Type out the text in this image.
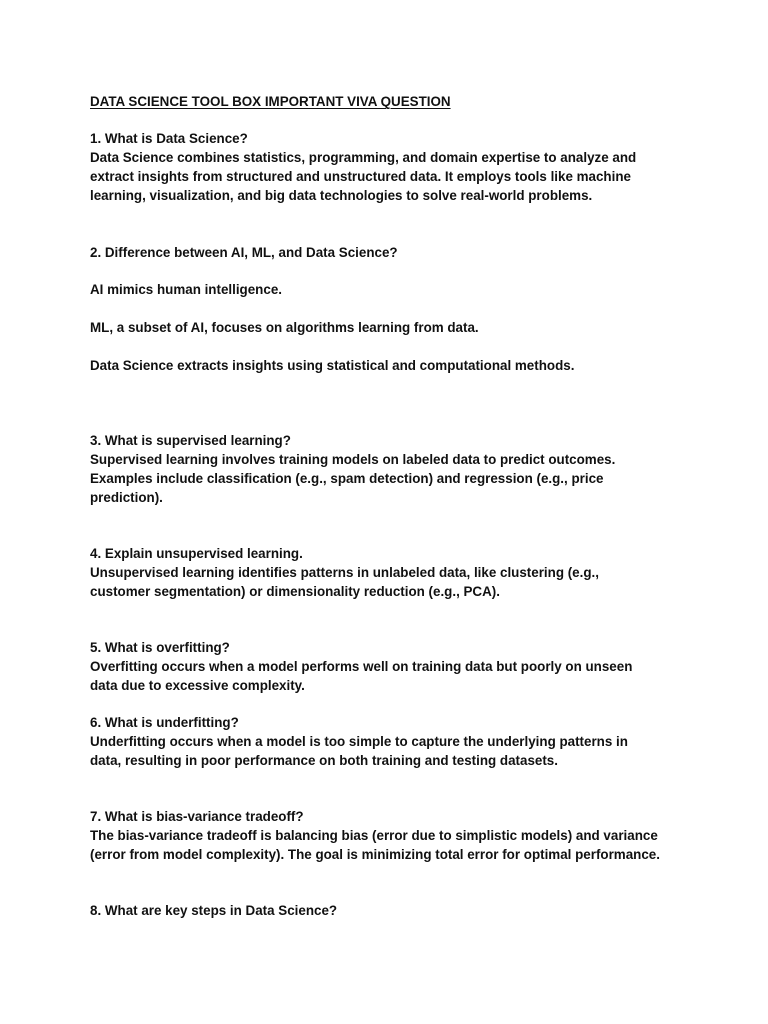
DATA SCIENCE TOOL BOX IMPORTANT VIVA QUESTION
1. What is Data Science?
Data Science combines statistics, programming, and domain expertise to analyze and
extract insights from structured and unstructured data. It employs tools like machine
learning, visualization, and big data technologies to solve real-world problems.
2. Difference between AI, ML, and Data Science?
AI mimics human intelligence.
ML, a subset of AI, focuses on algorithms learning from data.
Data Science extracts insights using statistical and computational methods.
3. What is supervised learning?
Supervised learning involves training models on labeled data to predict outcomes.
Examples include classification (e.g., spam detection) and regression (e.g., price
prediction).
4. Explain unsupervised learning.
Unsupervised learning identifies patterns in unlabeled data, like clustering (e.g.,
customer segmentation) or dimensionality reduction (e.g., PCA).
5. What is overfitting?
Overfitting occurs when a model performs well on training data but poorly on unseen
data due to excessive complexity.
6. What is underfitting?
Underfitting occurs when a model is too simple to capture the underlying patterns in
data, resulting in poor performance on both training and testing datasets.
7. What is bias-variance tradeoff?
The bias-variance tradeoff is balancing bias (error due to simplistic models) and variance
(error from model complexity). The goal is minimizing total error for optimal performance.
8. What are key steps in Data Science?
